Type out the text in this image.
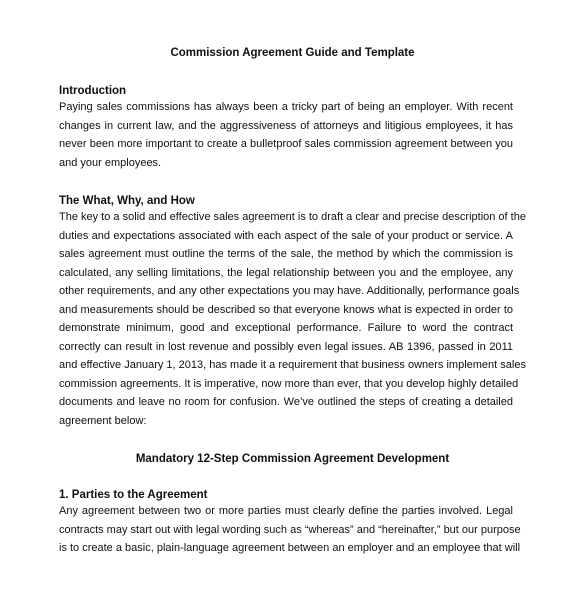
Commission Agreement Guide and Template
Introduction
Paying sales commissions has always been a tricky part of being an employer. With recent
changes in current law, and the aggressiveness of attorneys and litigious employees, it has
never been more important to create a bulletproof sales commission agreement between you
and your employees.
The What, Why, and How
The key to a solid and effective sales agreement is to draft a clear and precise description of the
duties and expectations associated with each aspect of the sale of your product or service. A
sales agreement must outline the terms of the sale, the method by which the commission is
calculated, any selling limitations, the legal relationship between you and the employee, any
other requirements, and any other expectations you may have. Additionally, performance goals
and measurements should be described so that everyone knows what is expected in order to
demonstrate minimum, good and exceptional performance. Failure to word the contract
correctly can result in lost revenue and possibly even legal issues. AB 1396, passed in 2011
and effective January 1, 2013, has made it a requirement that business owners implement sales
commission agreements. It is imperative, now more than ever, that you develop highly detailed
documents and leave no room for confusion. We’ve outlined the steps of creating a detailed
agreement below:
Mandatory 12-Step Commission Agreement Development
1. Parties to the Agreement
Any agreement between two or more parties must clearly define the parties involved. Legal
contracts may start out with legal wording such as “whereas” and “hereinafter,” but our purpose
is to create a basic, plain-language agreement between an employer and an employee that will
